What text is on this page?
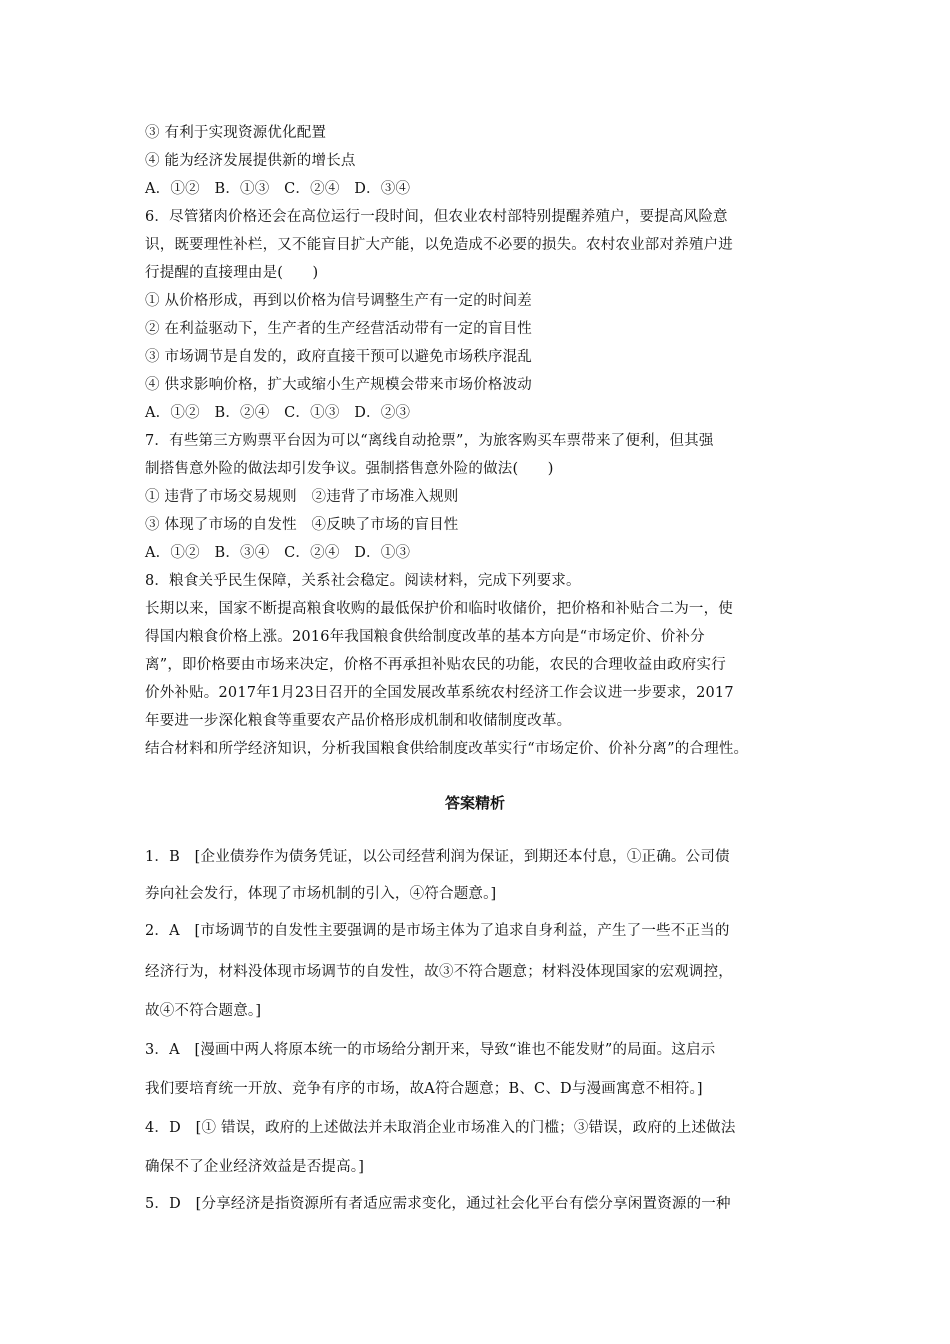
③ 有利于实现资源优化配置
④ 能为经济发展提供新的增长点
A．①②　B．①③　C．②④　D．③④
6．尽管猪肉价格还会在高位运行一段时间，但农业农村部特别提醒养殖户，要提高风险意
识，既要理性补栏，又不能盲目扩大产能，以免造成不必要的损失。农村农业部对养殖户进
行提醒的直接理由是(　　)
① 从价格形成，再到以价格为信号调整生产有一定的时间差
② 在利益驱动下，生产者的生产经营活动带有一定的盲目性
③ 市场调节是自发的，政府直接干预可以避免市场秩序混乱
④ 供求影响价格，扩大或缩小生产规模会带来市场价格波动
A．①②　B．②④　C．①③　D．②③
7．有些第三方购票平台因为可以“离线自动抢票”，为旅客购买车票带来了便利，但其强
制搭售意外险的做法却引发争议。强制搭售意外险的做法(　　)
① 违背了市场交易规则　②违背了市场准入规则
③ 体现了市场的自发性　④反映了市场的盲目性
A．①②　B．③④　C．②④　D．①③
8．粮食关乎民生保障，关系社会稳定。阅读材料，完成下列要求。
长期以来，国家不断提高粮食收购的最低保护价和临时收储价，把价格和补贴合二为一，使
得国内粮食价格上涨。2016年我国粮食供给制度改革的基本方向是“市场定价、价补分
离”，即价格要由市场来决定，价格不再承担补贴农民的功能，农民的合理收益由政府实行
价外补贴。2017年1月23日召开的全国发展改革系统农村经济工作会议进一步要求，2017
年要进一步深化粮食等重要农产品价格形成机制和收储制度改革。
结合材料和所学经济知识，分析我国粮食供给制度改革实行“市场定价、价补分离”的合理性。
答案精析
1．B　[企业债券作为债务凭证，以公司经营利润为保证，到期还本付息，①正确。公司债
券向社会发行，体现了市场机制的引入，④符合题意。]
2．A　[市场调节的自发性主要强调的是市场主体为了追求自身利益，产生了一些不正当的
经济行为，材料没体现市场调节的自发性，故③不符合题意；材料没体现国家的宏观调控，
故④不符合题意。]
3．A　[漫画中两人将原本统一的市场给分割开来，导致“谁也不能发财”的局面。这启示
我们要培育统一开放、竞争有序的市场，故A符合题意；B、C、D与漫画寓意不相符。]
4．D　[① 错误，政府的上述做法并未取消企业市场准入的门槛；③错误，政府的上述做法
确保不了企业经济效益是否提高。]
5．D　[分享经济是指资源所有者适应需求变化，通过社会化平台有偿分享闲置资源的一种
